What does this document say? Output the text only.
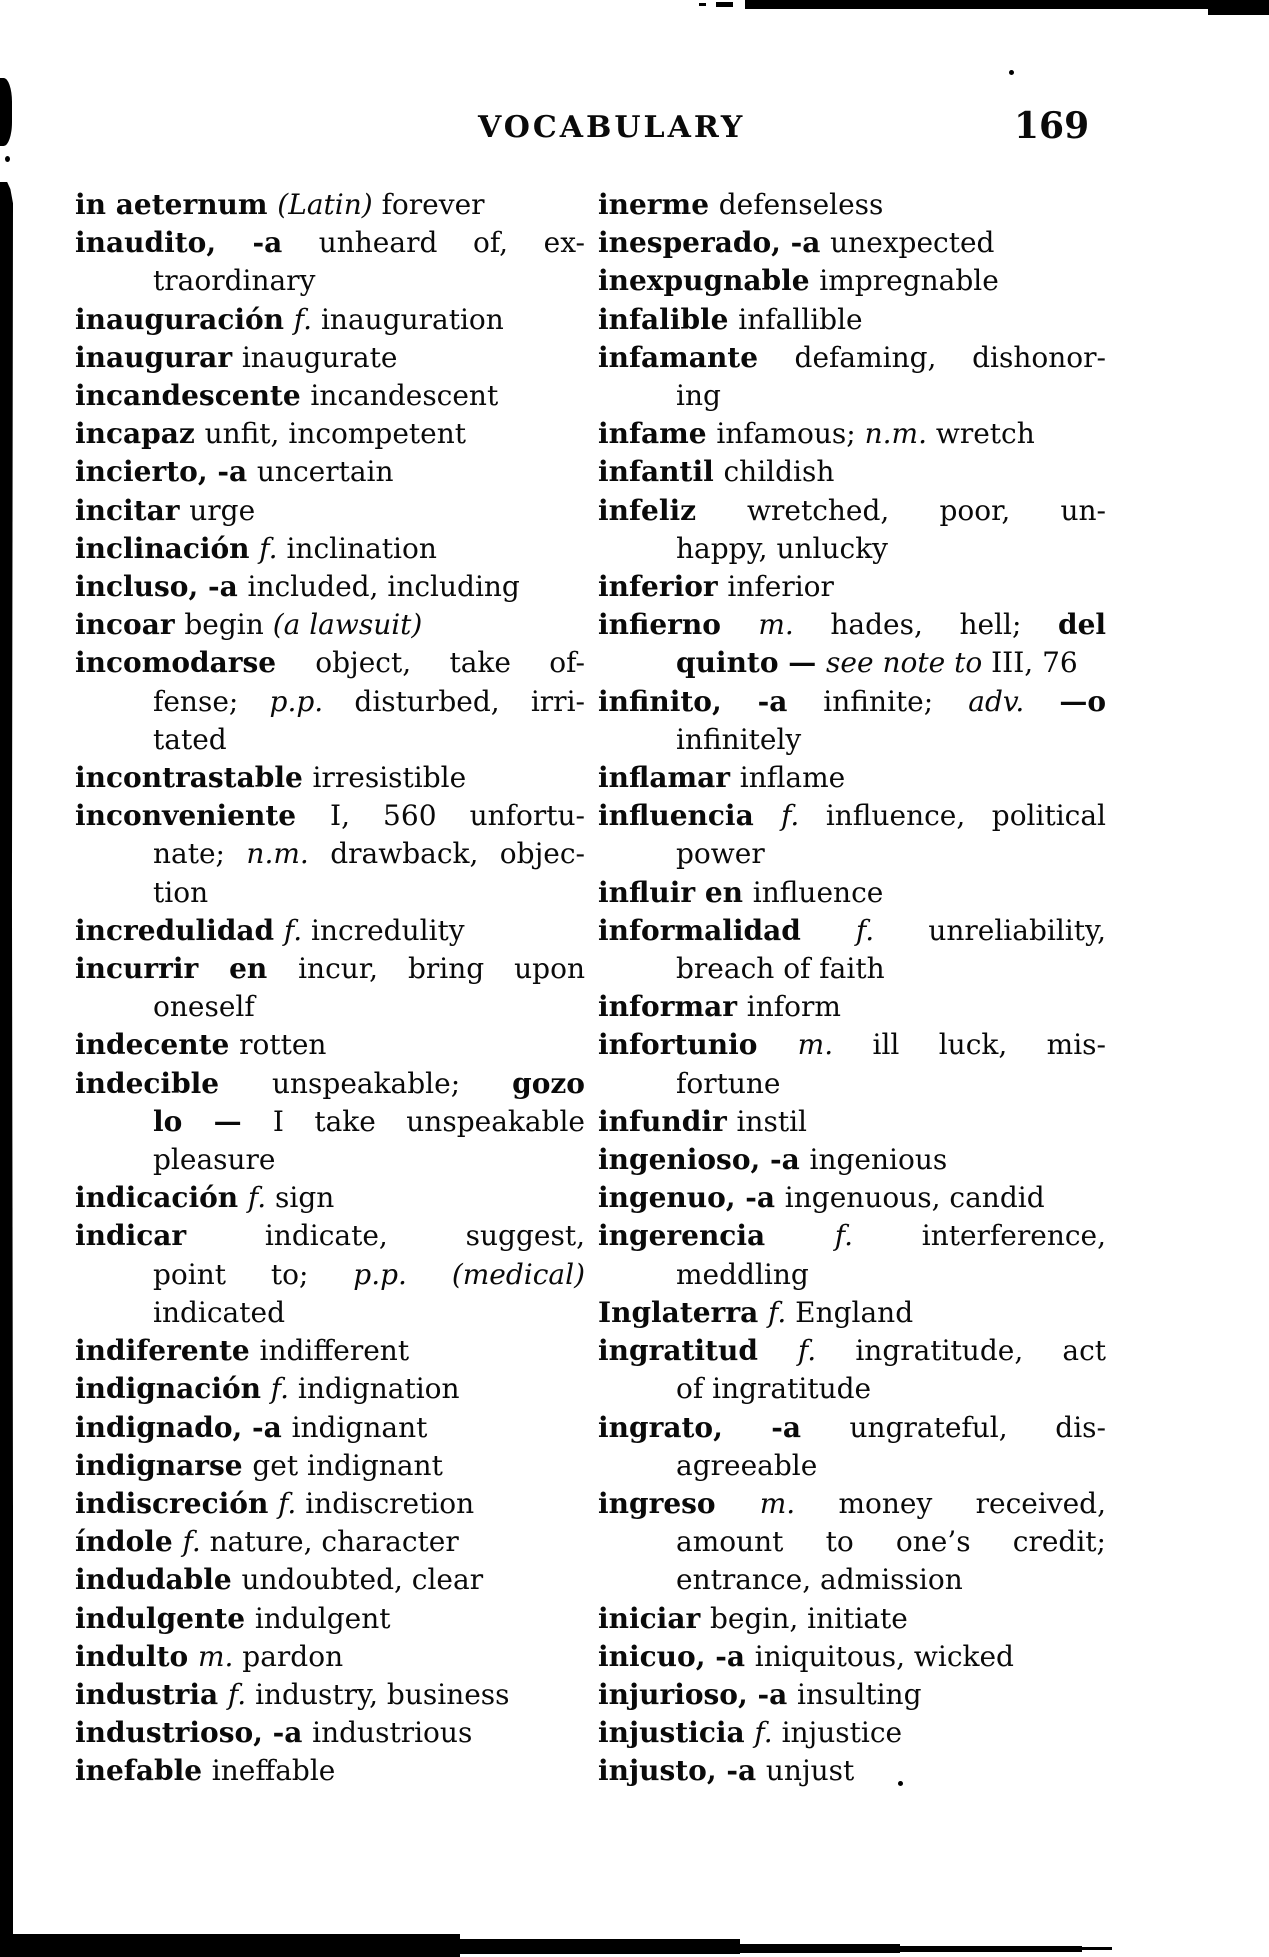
VOCABULARY	169

in aeternum (Latin) forever

inaudito, -a unheard of, ex-
traordinary

inauguración f. inauguration

inaugurar inaugurate

incandescente incandescent

incapaz unfit, incompetent

incierto, -a uncertain

incitar urge

inclinación f. inclination

incluso, -a included, including

incoar begin (a lawsuit)

incomodarse object, take of-
fense; p.p. disturbed, irri-
tated

incontrastable irresistible

inconveniente I, 560 unfortu-
nate; n.m. drawback, objec-
tion

incredulidad f. incredulity

incurrir en incur, bring upon
oneself

indecente rotten

indecible unspeakable; gozo
lo — I take unspeakable
pleasure

indicación f. sign

indicar indicate, suggest,
point to; p.p. (medical)
indicated

indiferente indifferent

indignación f. indignation

indignado, -a indignant

indignarse get indignant

indiscreción f. indiscretion

índole f. nature, character

indudable undoubted, clear

indulgente indulgent

indulto m. pardon

industria f. industry, business

industrioso, -a industrious

inefable ineffable

inerme defenseless

inesperado, -a unexpected

inexpugnable impregnable

infalible infallible

infamante defaming, dishonor-
ing

infame infamous; n.m. wretch

infantil childish

infeliz wretched, poor, un-
happy, unlucky

inferior inferior

infierno m. hades, hell; del
quinto — see note to III, 76

infinito, -a infinite; adv. —o
infinitely

inflamar inflame

influencia f. influence, political
power

influir en influence

informalidad f. unreliability,
breach of faith

informar inform

infortunio m. ill luck, mis-
fortune

infundir instil

ingenioso, -a ingenious

ingenuo, -a ingenuous, candid

ingerencia f. interference,
meddling

Inglaterra f. England

ingratitud f. ingratitude, act
of ingratitude

ingrato, -a ungrateful, dis-
agreeable

ingreso m. money received,
amount to one’s credit;
entrance, admission

iniciar begin, initiate

inicuo, -a iniquitous, wicked

injurioso, -a insulting

injusticia f. injustice

injusto, -a unjust
